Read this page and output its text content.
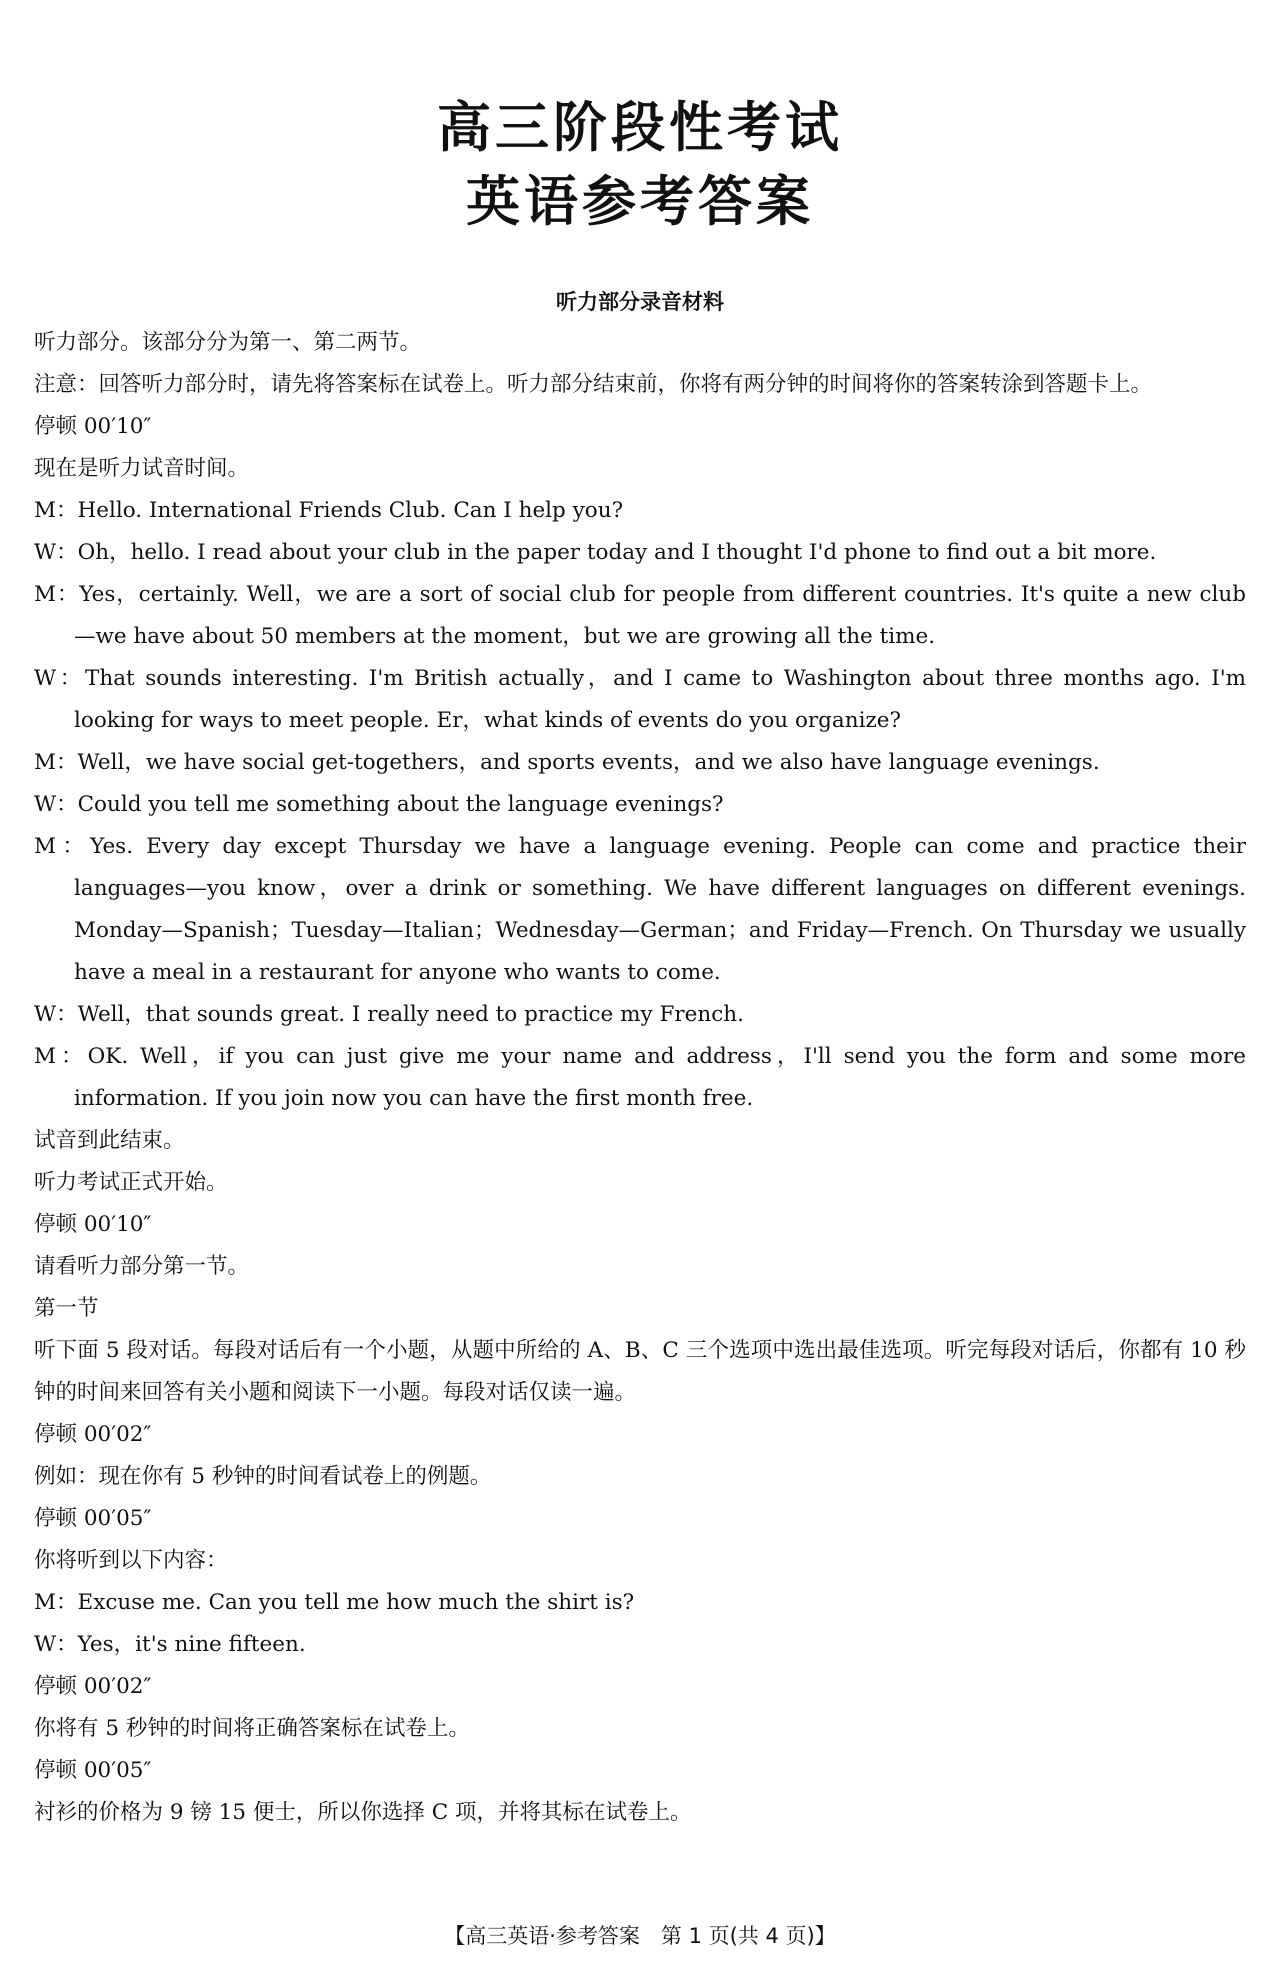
高三阶段性考试
英语参考答案
听力部分录音材料
听力部分。该部分分为第一、第二两节。
注意：回答听力部分时，请先将答案标在试卷上。听力部分结束前，你将有两分钟的时间将你的答案转涂到答题卡上。
停顿 00′10″
现在是听力试音时间。
M：Hello. International Friends Club. Can I help you?
W：Oh，hello. I read about your club in the paper today and I thought I'd phone to find out a bit more.
M：Yes，certainly. Well，we are a sort of social club for people from different countries. It's quite a new club—we have about 50 members at the moment，but we are growing all the time.
W：That sounds interesting. I'm British actually，and I came to Washington about three months ago. I'm looking for ways to meet people. Er，what kinds of events do you organize?
M：Well，we have social get-togethers，and sports events，and we also have language evenings.
W：Could you tell me something about the language evenings?
M：Yes. Every day except Thursday we have a language evening. People can come and practice their languages—you know，over a drink or something. We have different languages on different evenings. Monday—Spanish；Tuesday—Italian；Wednesday—German；and Friday—French. On Thursday we usually have a meal in a restaurant for anyone who wants to come.
W：Well，that sounds great. I really need to practice my French.
M：OK. Well，if you can just give me your name and address，I'll send you the form and some more information. If you join now you can have the first month free.
试音到此结束。
听力考试正式开始。
停顿 00′10″
请看听力部分第一节。
第一节
听下面 5 段对话。每段对话后有一个小题，从题中所给的 A、B、C 三个选项中选出最佳选项。听完每段对话后，你都有 10 秒钟的时间来回答有关小题和阅读下一小题。每段对话仅读一遍。
停顿 00′02″
例如：现在你有 5 秒钟的时间看试卷上的例题。
停顿 00′05″
你将听到以下内容：
M：Excuse me. Can you tell me how much the shirt is?
W：Yes，it's nine fifteen.
停顿 00′02″
你将有 5 秒钟的时间将正确答案标在试卷上。
停顿 00′05″
衬衫的价格为 9 镑 15 便士，所以你选择 C 项，并将其标在试卷上。
【高三英语·参考答案　第 1 页(共 4 页)】
